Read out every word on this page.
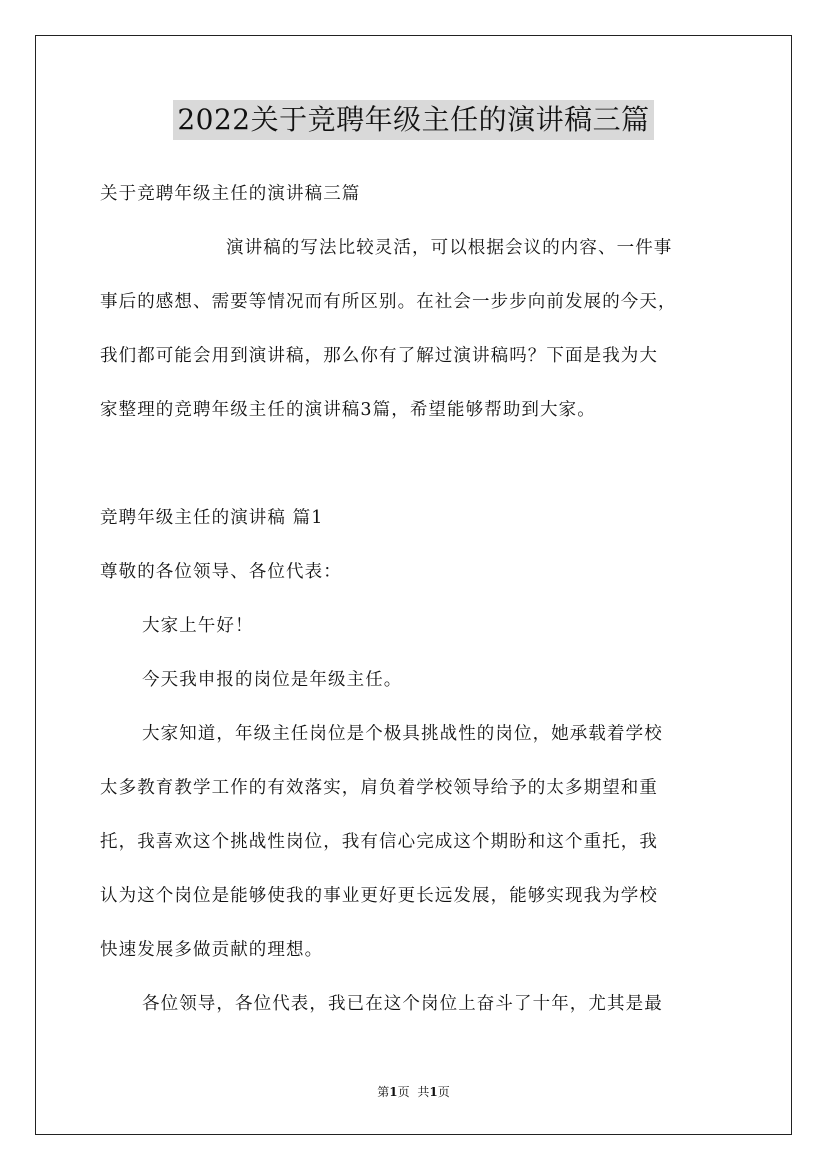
2022关于竞聘年级主任的演讲稿三篇
关于竞聘年级主任的演讲稿三篇
演讲稿的写法比较灵活，可以根据会议的内容、一件事
事后的感想、需要等情况而有所区别。在社会一步步向前发展的今天，
我们都可能会用到演讲稿，那么你有了解过演讲稿吗？下面是我为大
家整理的竞聘年级主任的演讲稿3篇，希望能够帮助到大家。
竞聘年级主任的演讲稿 篇1
尊敬的各位领导、各位代表：
大家上午好！
今天我申报的岗位是年级主任。
大家知道，年级主任岗位是个极具挑战性的岗位，她承载着学校
太多教育教学工作的有效落实，肩负着学校领导给予的太多期望和重
托，我喜欢这个挑战性岗位，我有信心完成这个期盼和这个重托，我
认为这个岗位是能够使我的事业更好更长远发展，能够实现我为学校
快速发展多做贡献的理想。
各位领导，各位代表，我已在这个岗位上奋斗了十年，尤其是最
第1页 共1页
